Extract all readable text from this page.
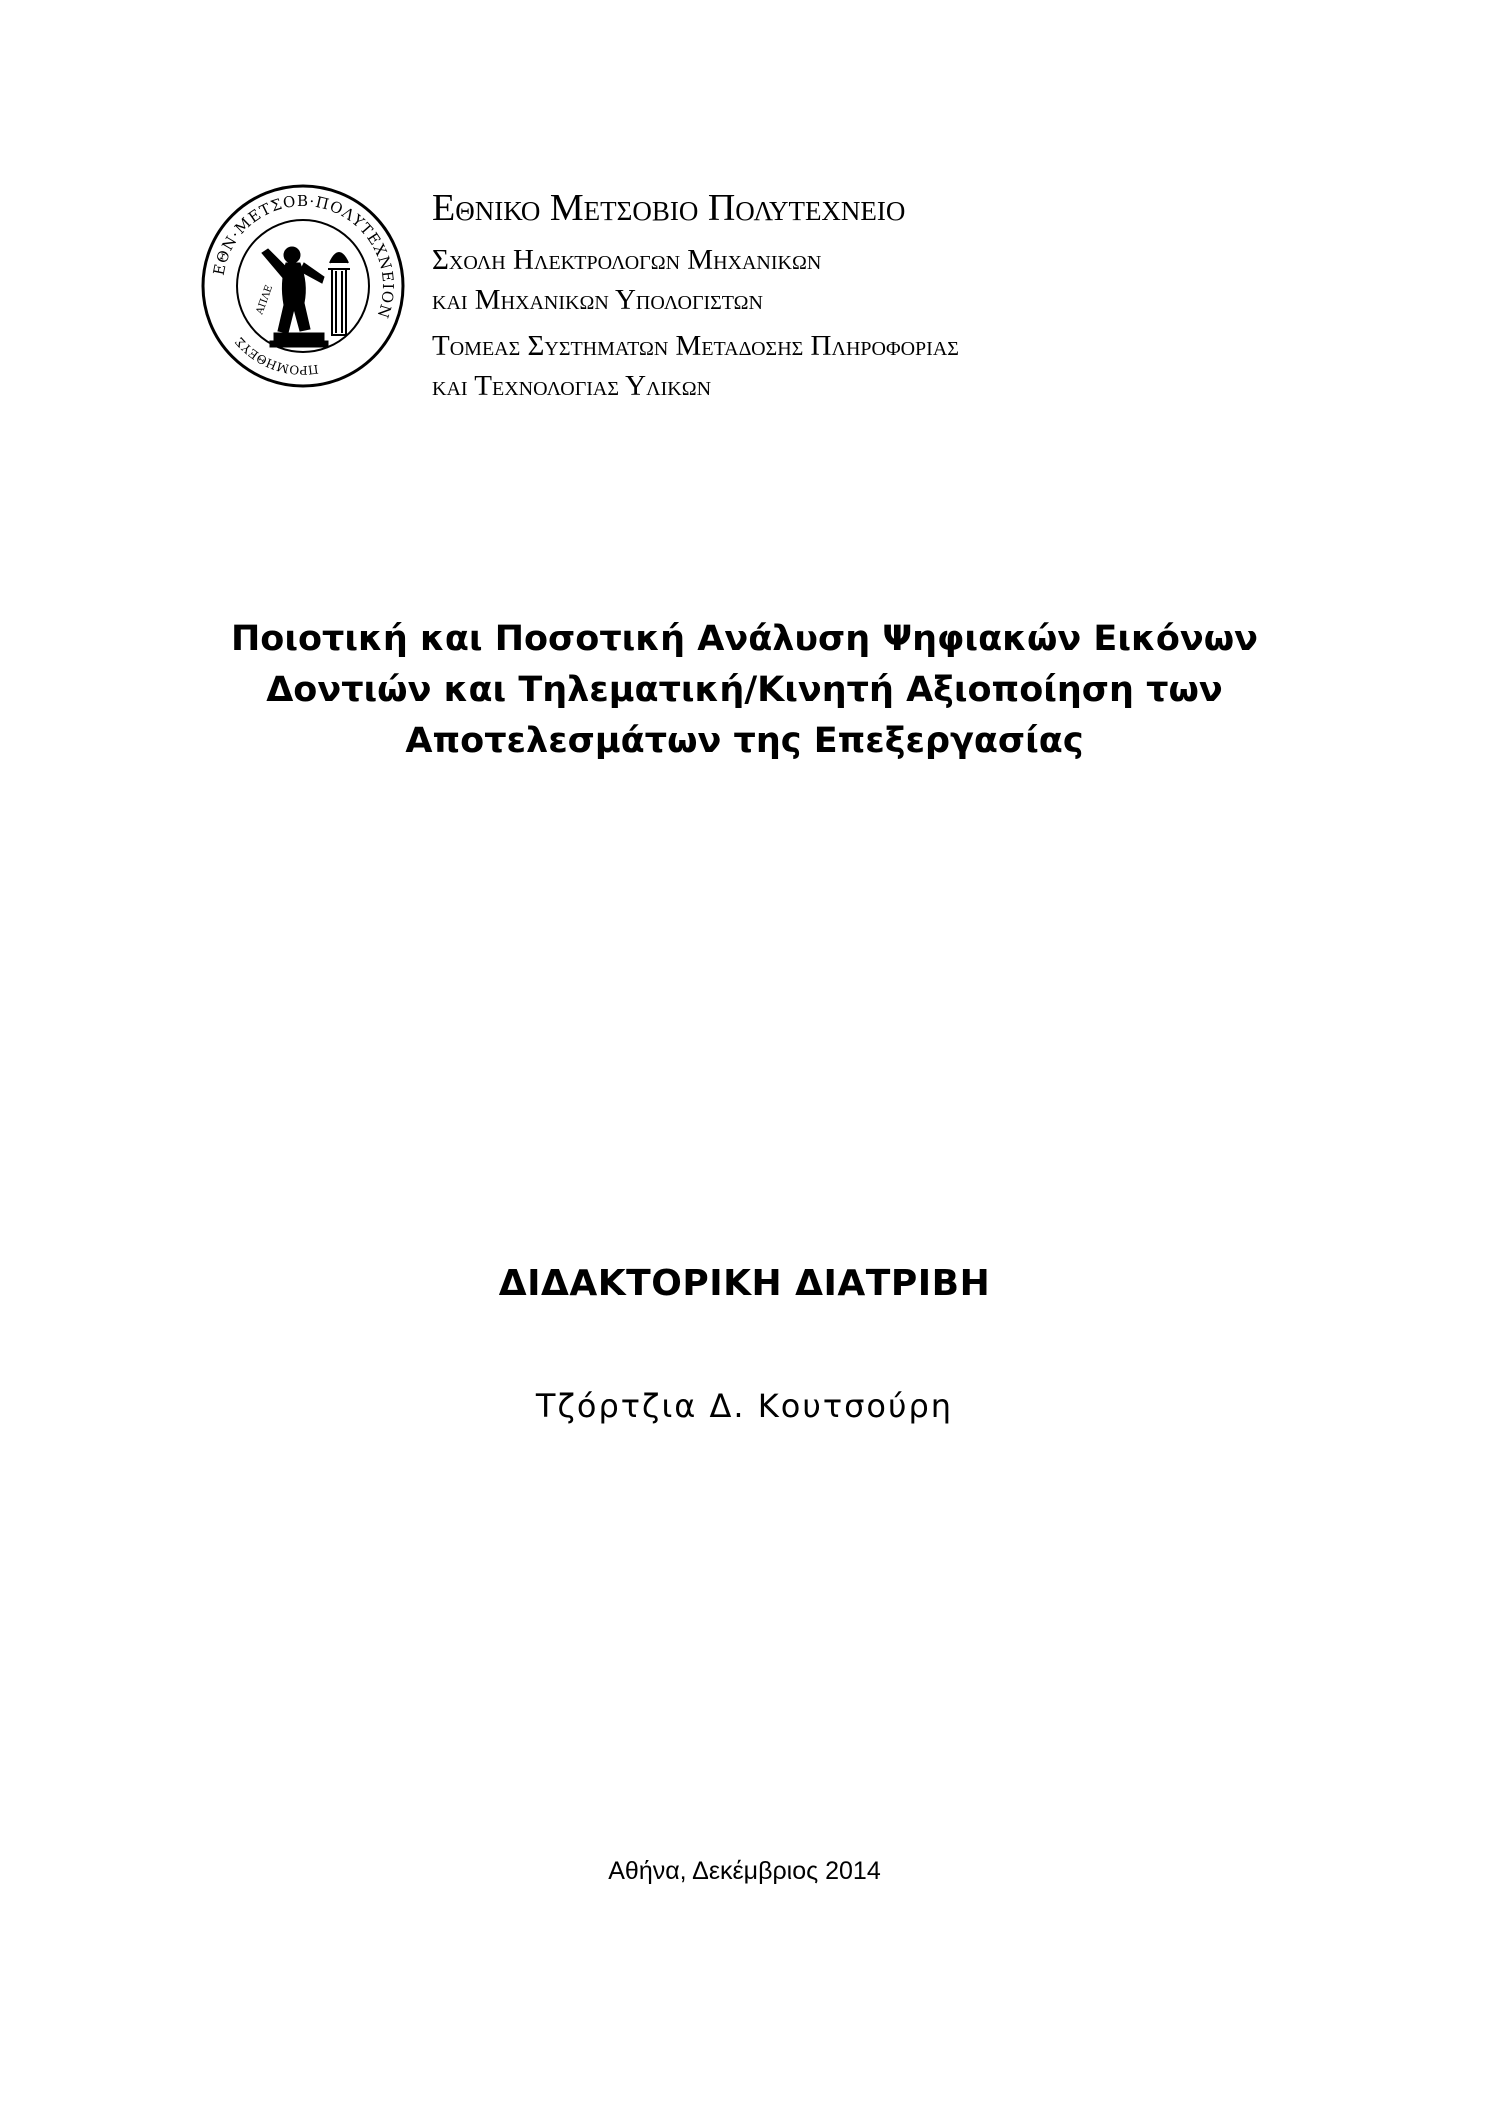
ΕΘΝ·ΜΕΤΣΟΒ·ΠΟΛΥΤΕΧΝΕΙΟΝ
ΠΡΟΜΗΘΕΥΣ
ΑΠΛΕ

Εθνικο Μετσοβιο Πολυτεχνειο

Σχολη Ηλεκτρολογων Μηχανικων

και Μηχανικων Υπολογιστων

Τομεας Συστηματων Μεταδοσης Πληροφοριας

και Τεχνολογιας Υλικων

Ποιοτική και Ποσοτική Ανάλυση Ψηφιακών Εικόνων
Δοντιών και Τηλεματική/Κινητή Αξιοποίηση των
Αποτελεσμάτων της Επεξεργασίας
ΔΙΔΑΚΤΟΡΙΚΗ ΔΙΑΤΡΙΒΗ
Τζόρτζια Δ. Κουτσούρη
Αθήνα, Δεκέμβριος 2014
